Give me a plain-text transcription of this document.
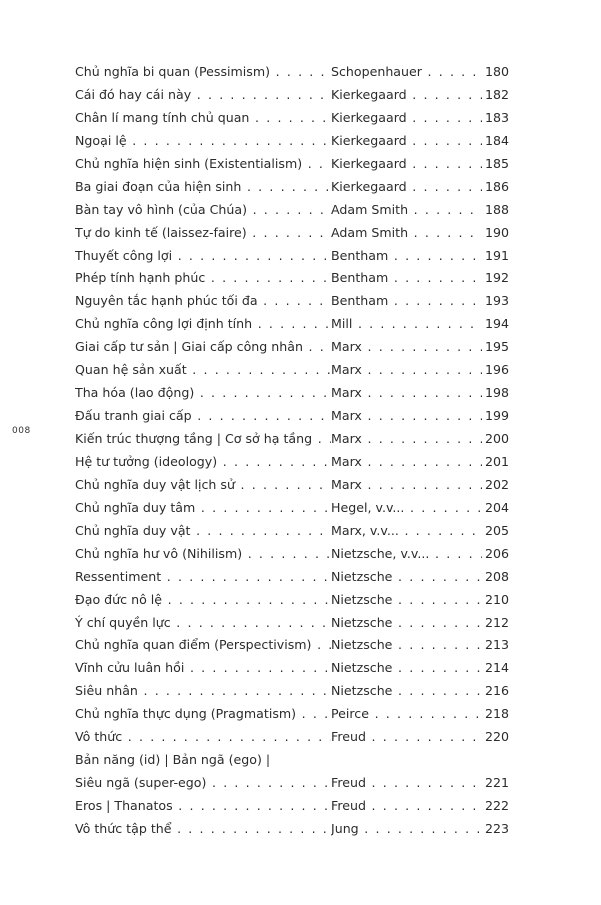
008
Chủ nghĩa bi quan (Pessimism) . . .	Schopenhauer . . .	180
Cái đó hay cái này . . .	Kierkegaard . . .	182
Chân lí mang tính chủ quan . . .	Kierkegaard . . .	183
Ngoại lệ . . .	Kierkegaard . . .	184
Chủ nghĩa hiện sinh (Existentialism) . . .	Kierkegaard . . .	185
Ba giai đoạn của hiện sinh . . .	Kierkegaard . . .	186
Bàn tay vô hình (của Chúa) . . .	Adam Smith . . .	188
Tự do kinh tế (laissez-faire) . . .	Adam Smith . . .	190
Thuyết công lợi . . .	Bentham . . .	191
Phép tính hạnh phúc . . .	Bentham . . .	192
Nguyên tắc hạnh phúc tối đa . . .	Bentham . . .	193
Chủ nghĩa công lợi định tính . . .	Mill . . .	194
Giai cấp tư sản | Giai cấp công nhân . . .	Marx . . .	195
Quan hệ sản xuất . . .	Marx . . .	196
Tha hóa (lao động) . . .	Marx . . .	198
Đấu tranh giai cấp . . .	Marx . . .	199
Kiến trúc thượng tầng | Cơ sở hạ tầng . . .	Marx . . .	200
Hệ tư tưởng (ideology) . . .	Marx . . .	201
Chủ nghĩa duy vật lịch sử . . .	Marx . . .	202
Chủ nghĩa duy tâm . . .	Hegel, v.v... . . .	204
Chủ nghĩa duy vật . . .	Marx, v.v... . . .	205
Chủ nghĩa hư vô (Nihilism) . . .	Nietzsche, v.v... . . .	206
Ressentiment . . .	Nietzsche . . .	208
Đạo đức nô lệ . . .	Nietzsche . . .	210
Ý chí quyền lực . . .	Nietzsche . . .	212
Chủ nghĩa quan điểm (Perspectivism) . . .	Nietzsche . . .	213
Vĩnh cửu luân hồi . . .	Nietzsche . . .	214
Siêu nhân . . .	Nietzsche . . .	216
Chủ nghĩa thực dụng (Pragmatism) . . .	Peirce . . .	218
Vô thức . . .	Freud . . .	220
Bản năng (id) | Bản ngã (ego) |
Siêu ngã (super-ego) . . .	Freud . . .	221
Eros | Thanatos . . .	Freud . . .	222
Vô thức tập thể . . .	Jung . . .	223
